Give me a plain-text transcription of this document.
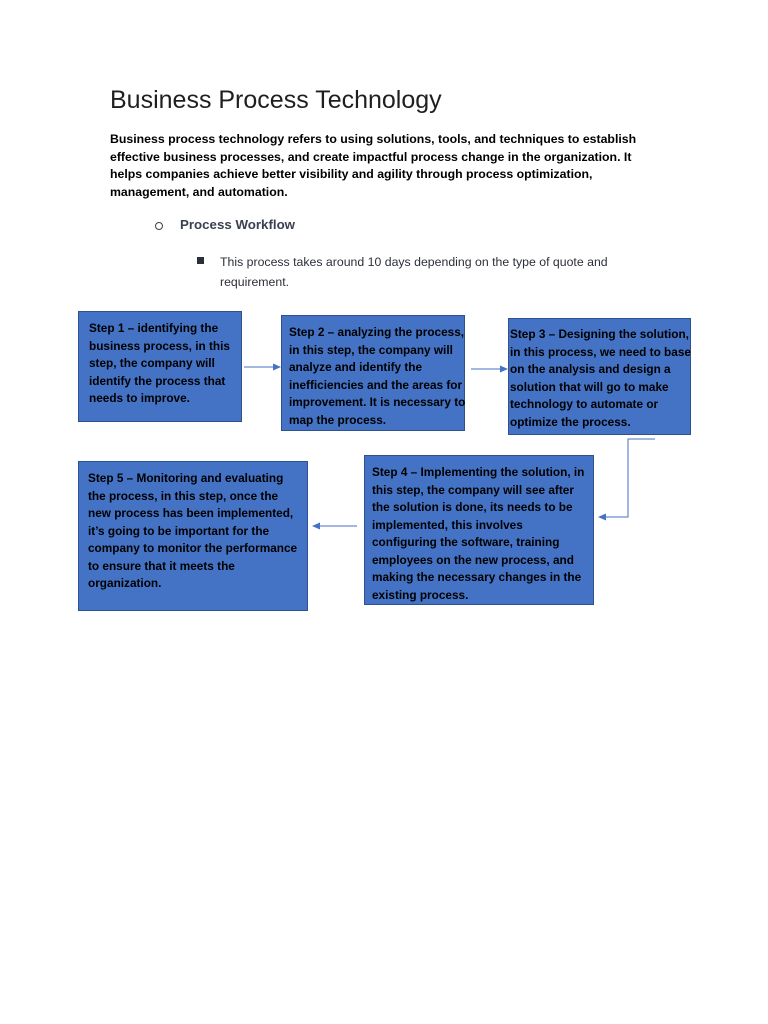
Business Process Technology

Business process technology refers to using solutions, tools, and techniques to establish effective business processes, and create impactful process change in the organization. It helps companies achieve better visibility and agility through process optimization, management, and automation.

Process Workflow

This process takes around 10 days depending on the type of quote and requirement.

Step 1 – identifying the business process, in this step, the company will identify the process that needs to improve.
Step 2 – analyzing the process,
in this step, the company will
analyze and identify the
inefficiencies and the areas for
improvement. It is necessary to
map the process.
Step 3 – Designing the solution,
in this process, we need to base
on the analysis and design a
solution that will go to make
technology to automate or
optimize the process.
Step 4 – Implementing the solution, in this step, the company will see after the solution is done, its needs to be implemented, this involves configuring the software, training employees on the new process, and making the necessary changes in the existing process.
Step 5 – Monitoring and evaluating the process, in this step, once the new process has been implemented, it’s going to be important for the company to monitor the performance to ensure that it meets the organization.
